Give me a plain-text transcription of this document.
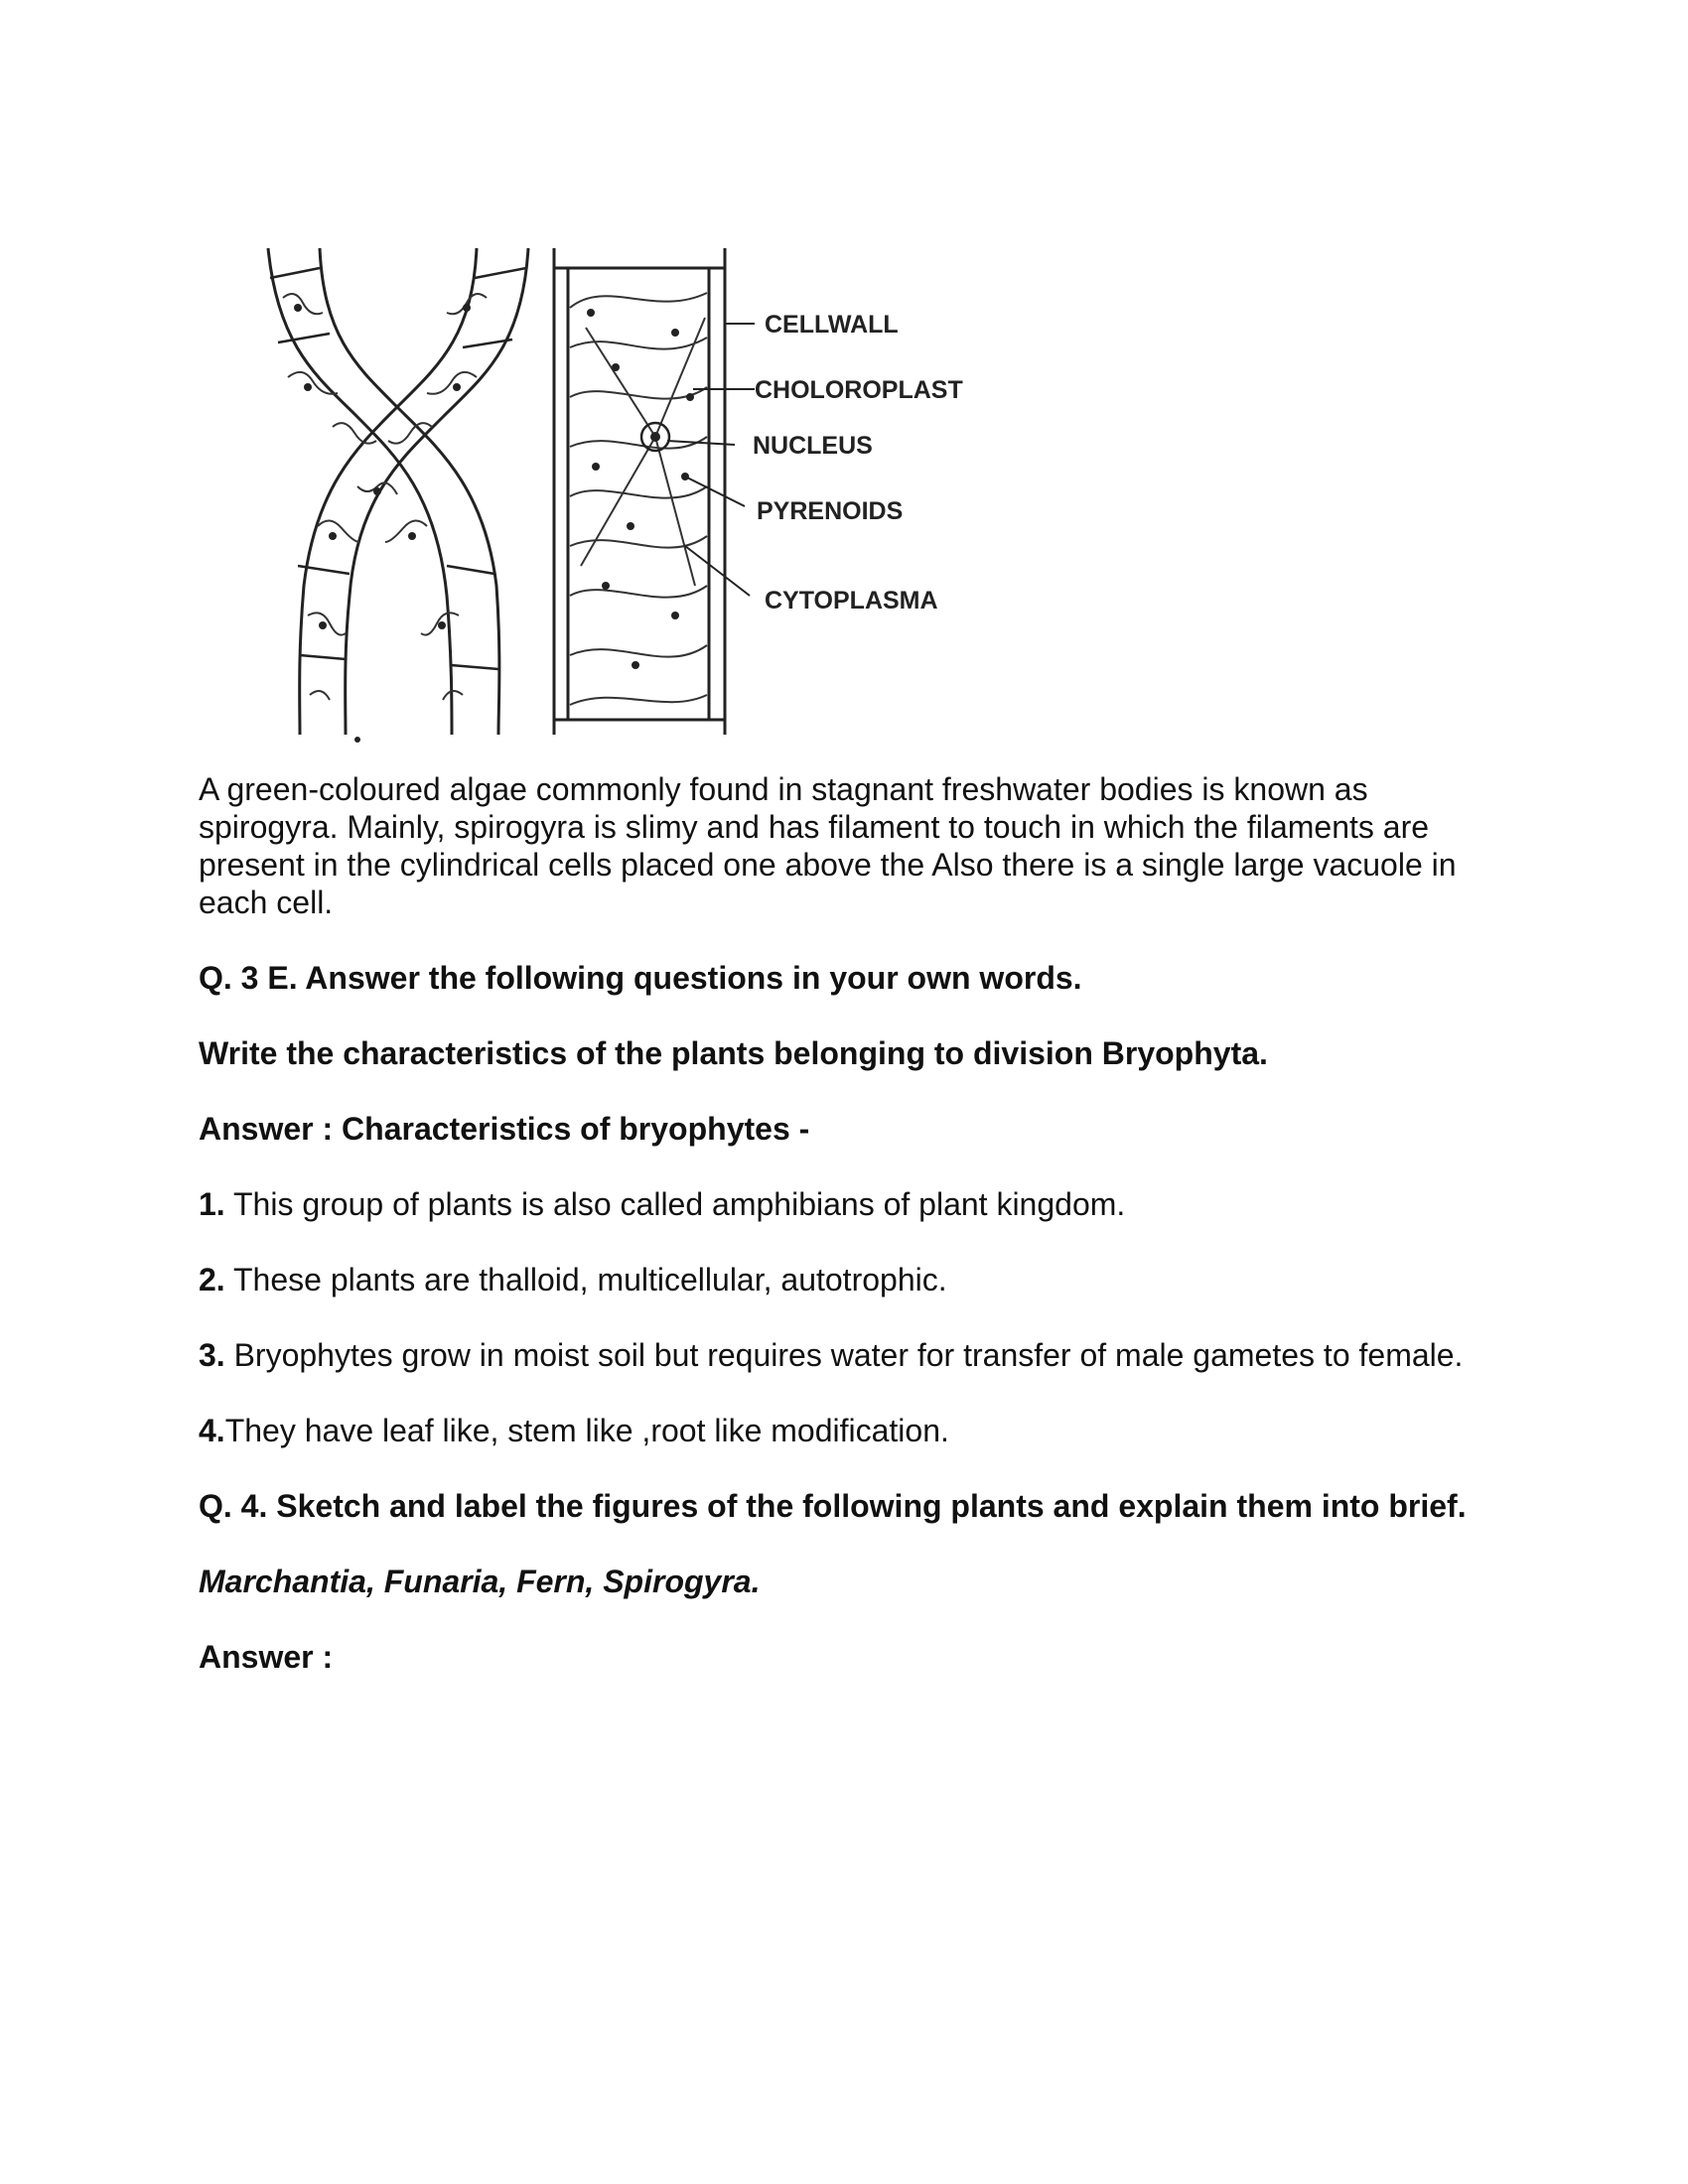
CELLWALL
CHOLOROPLAST
NUCLEUS
PYRENOIDS
CYTOPLASMA

A green-coloured algae commonly found in stagnant freshwater bodies is known as spirogyra. Mainly, spirogyra is slimy and has filament to touch in which the filaments are present in the cylindrical cells placed one above the Also there is a single large vacuole in each cell.

Q. 3 E. Answer the following questions in your own words.

Write the characteristics of the plants belonging to division Bryophyta.

Answer : Characteristics of bryophytes -

1. This group of plants is also called amphibians of plant kingdom.

2. These plants are thalloid, multicellular, autotrophic.

3. Bryophytes grow in moist soil but requires water for transfer of male gametes to female.

4.They have leaf like, stem like ,root like modification.

Q. 4. Sketch and label the figures of the following plants and explain them into brief.

Marchantia, Funaria, Fern, Spirogyra.

Answer :
